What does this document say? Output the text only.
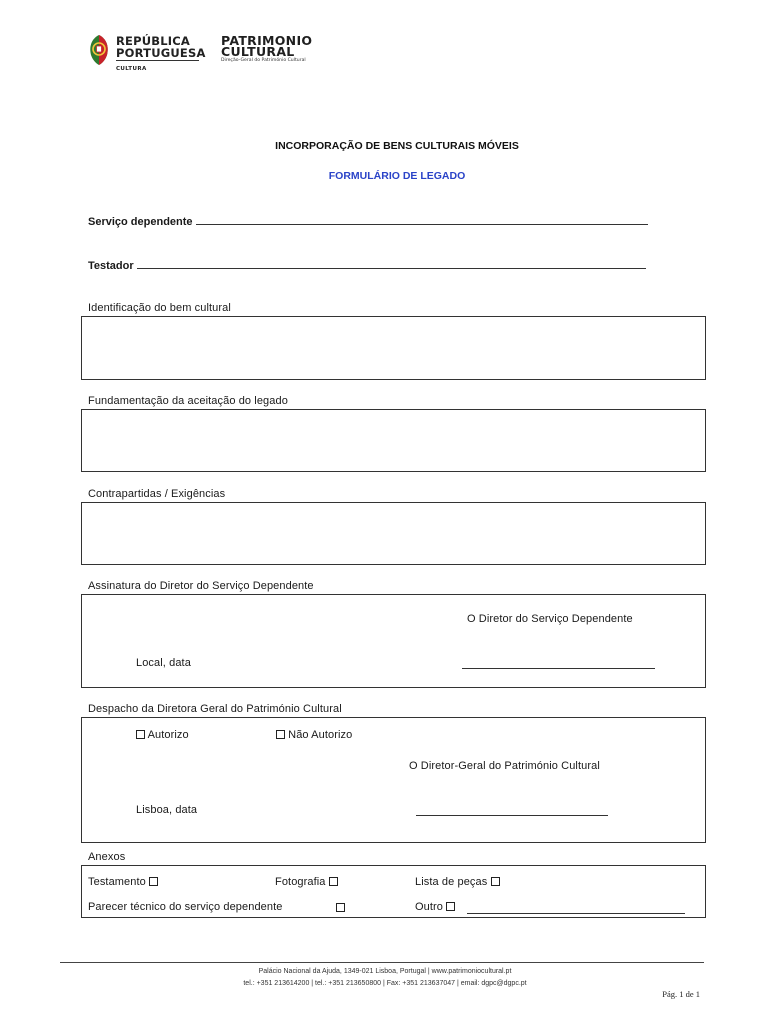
REPÚBLICA
PORTUGUESA
CULTURA
PATRIMONIO
CULTURAL
Direção-Geral do Património Cultural
INCORPORAÇÃO DE BENS CULTURAIS MÓVEIS
FORMULÁRIO DE LEGADO
Serviço dependente
Testador
Identificação do bem cultural
Fundamentação da aceitação do legado
Contrapartidas / Exigências
Assinatura do Diretor do Serviço Dependente
O Diretor do Serviço Dependente
Local, data
Despacho da Diretora Geral do Património Cultural
Autorizo	Não Autorizo
O Diretor-Geral do Património Cultural
Lisboa, data
Anexos
Testamento	Fotografia	Lista de peças
Parecer técnico do serviço dependente	Outro
Palácio Nacional da Ajuda, 1349-021 Lisboa, Portugal | www.patrimoniocultural.pt
tel.: +351 213614200 | tel.: +351 213650800 | Fax: +351 213637047 | email: dgpc@dgpc.pt
Pág. 1 de 1
